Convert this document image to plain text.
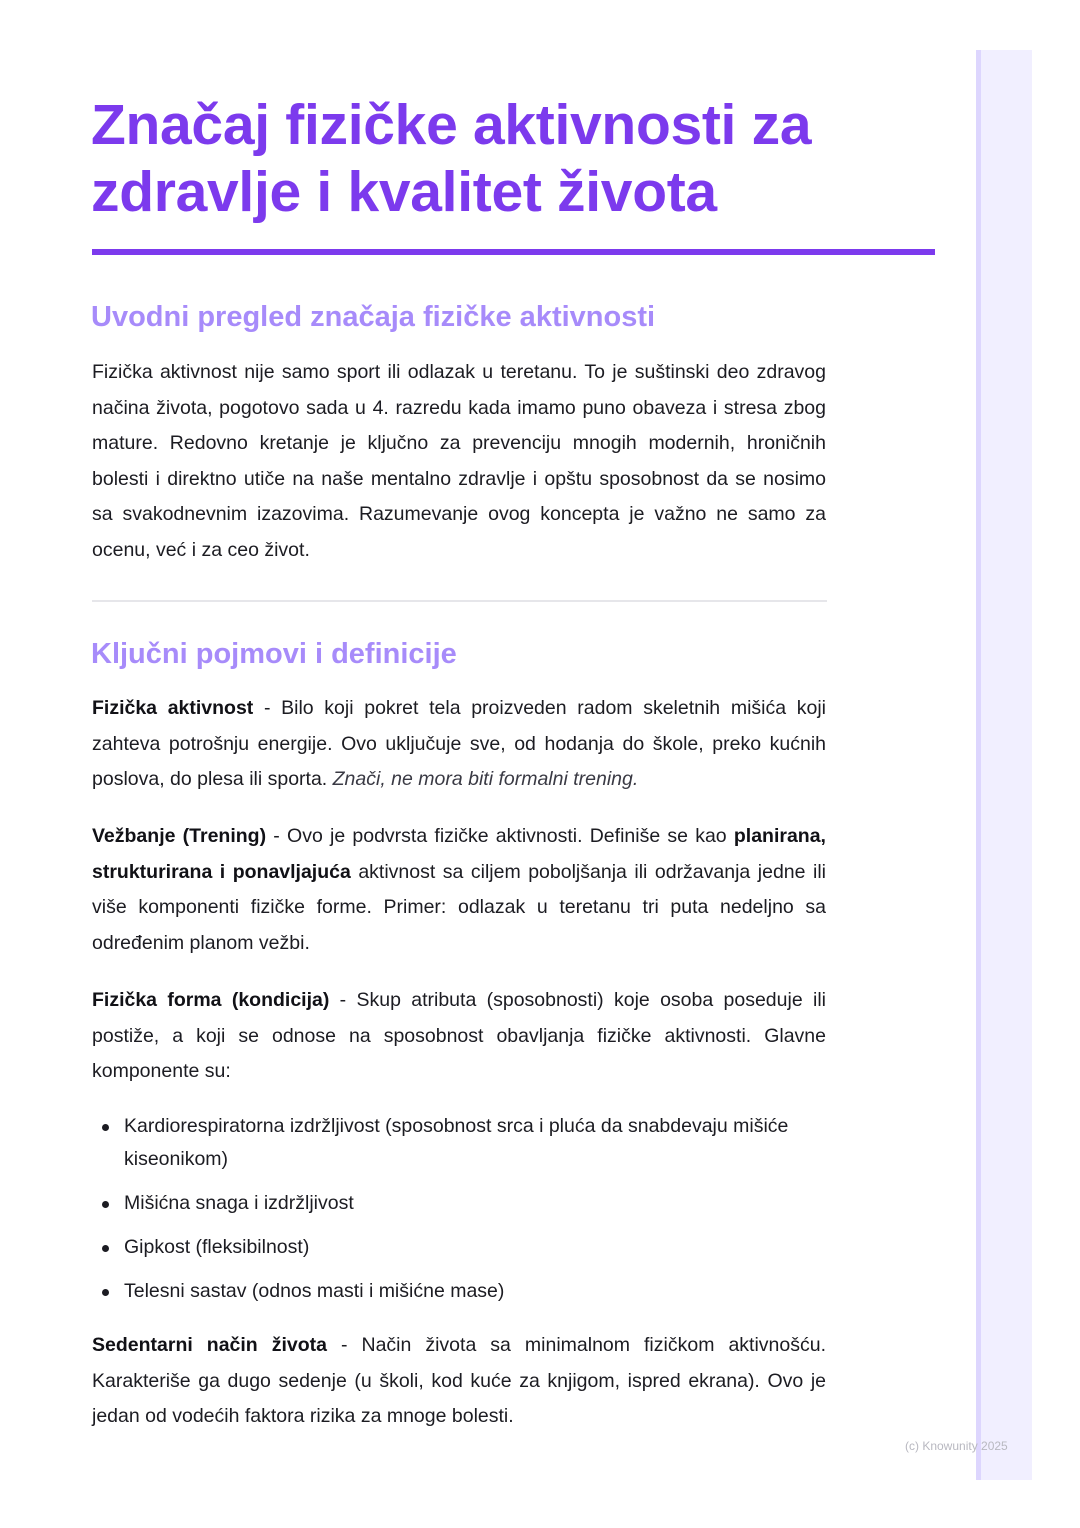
Značaj fizičke aktivnosti za zdravlje i kvalitet života
Uvodni pregled značaja fizičke aktivnosti

Fizička aktivnost nije samo sport ili odlazak u teretanu. To je suštinski deo zdravog načina života, pogotovo sada u 4. razredu kada imamo puno obaveza i stresa zbog mature. Redovno kretanje je ključno za prevenciju mnogih modernih, hroničnih bolesti i direktno utiče na naše mentalno zdravlje i opštu sposobnost da se nosimo sa svakodnevnim izazovima. Razumevanje ovog koncepta je važno ne samo za ocenu, već i za ceo život.

Ključni pojmovi i definicije

Fizička aktivnost - Bilo koji pokret tela proizveden radom skeletnih mišića koji zahteva potrošnju energije. Ovo uključuje sve, od hodanja do škole, preko kućnih poslova, do plesa ili sporta. Znači, ne mora biti formalni trening.

Vežbanje (Trening) - Ovo je podvrsta fizičke aktivnosti. Definiše se kao planirana, strukturirana i ponavljajuća aktivnost sa ciljem poboljšanja ili održavanja jedne ili više komponenti fizičke forme. Primer: odlazak u teretanu tri puta nedeljno sa određenim planom vežbi.

Fizička forma (kondicija) - Skup atributa (sposobnosti) koje osoba poseduje ili postiže, a koji se odnose na sposobnost obavljanja fizičke aktivnosti. Glavne komponente su:

Kardiorespiratorna izdržljivost (sposobnost srca i pluća da snabdevaju mišiće kiseonikom)
Mišićna snaga i izdržljivost
Gipkost (fleksibilnost)
Telesni sastav (odnos masti i mišićne mase)

Sedentarni način života - Način života sa minimalnom fizičkom aktivnošću. Karakteriše ga dugo sedenje (u školi, kod kuće za knjigom, ispred ekrana). Ovo je jedan od vodećih faktora rizika za mnoge bolesti.

(c) Knowunity 2025
